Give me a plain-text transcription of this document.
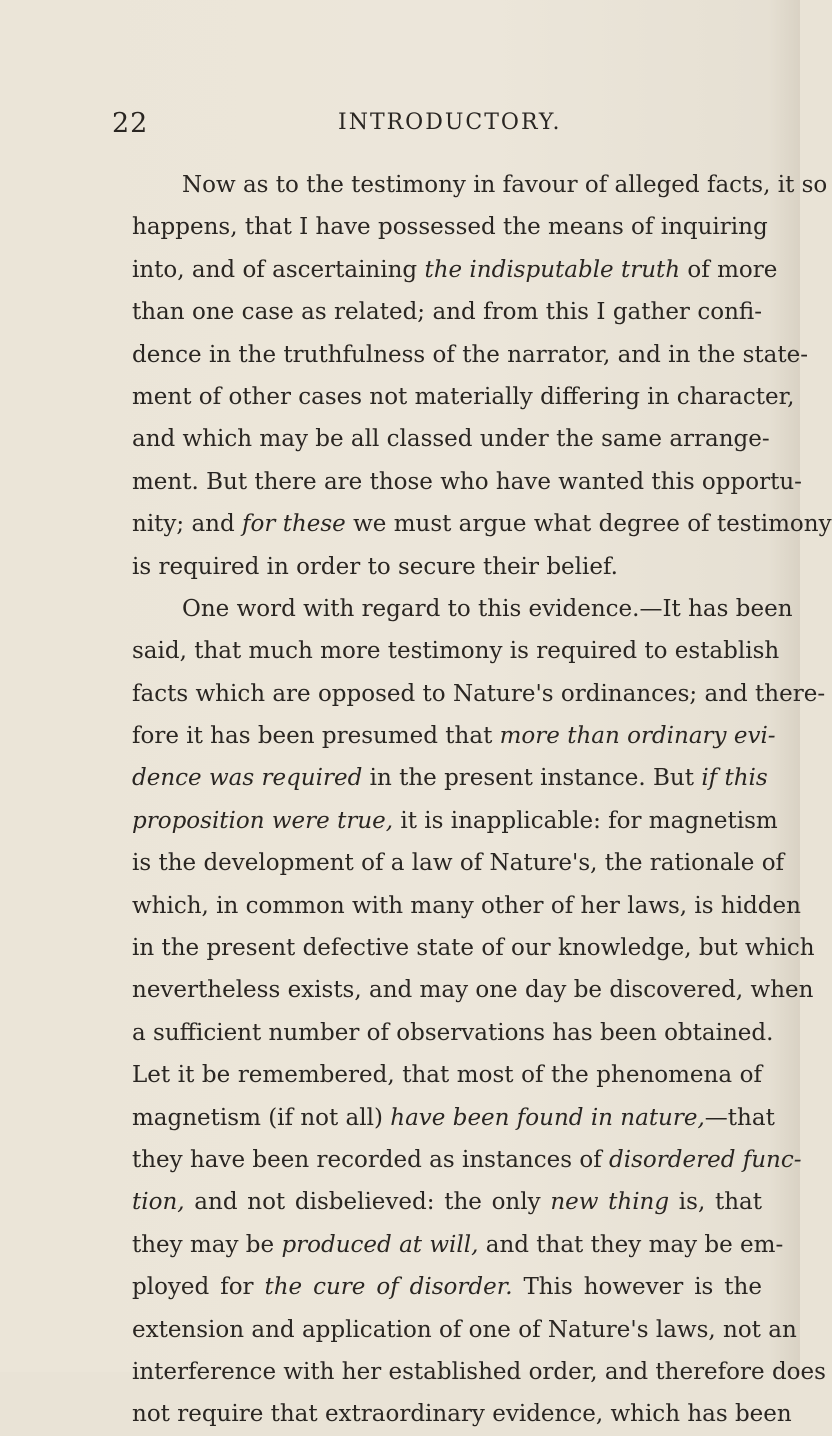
22	INTRODUCTORY.
Now as to the testimony in favour of alleged facts, it so
happens, that I have possessed the means of inquiring
into, and of ascertaining the indisputable truth of more
than one case as related; and from this I gather confi-
dence in the truthfulness of the narrator, and in the state-
ment of other cases not materially differing in character,
and which may be all classed under the same arrange-
ment. But there are those who have wanted this opportu-
nity; and for these we must argue what degree of testimony
is required in order to secure their belief.
One word with regard to this evidence.—It has been
said, that much more testimony is required to establish
facts which are opposed to Nature's ordinances; and there-
fore it has been presumed that more than ordinary evi-
dence was required in the present instance. But if this
proposition were true, it is inapplicable: for magnetism
is the development of a law of Nature's, the rationale of
which, in common with many other of her laws, is hidden
in the present defective state of our knowledge, but which
nevertheless exists, and may one day be discovered, when
a sufficient number of observations has been obtained.
Let it be remembered, that most of the phenomena of
magnetism (if not all) have been found in nature,—that
they have been recorded as instances of disordered func-
tion, and not disbelieved: the only new thing is, that
they may be produced at will, and that they may be em-
ployed for the cure of disorder. This however is the
extension and application of one of Nature's laws, not an
interference with her established order, and therefore does
not require that extraordinary evidence, which has been
